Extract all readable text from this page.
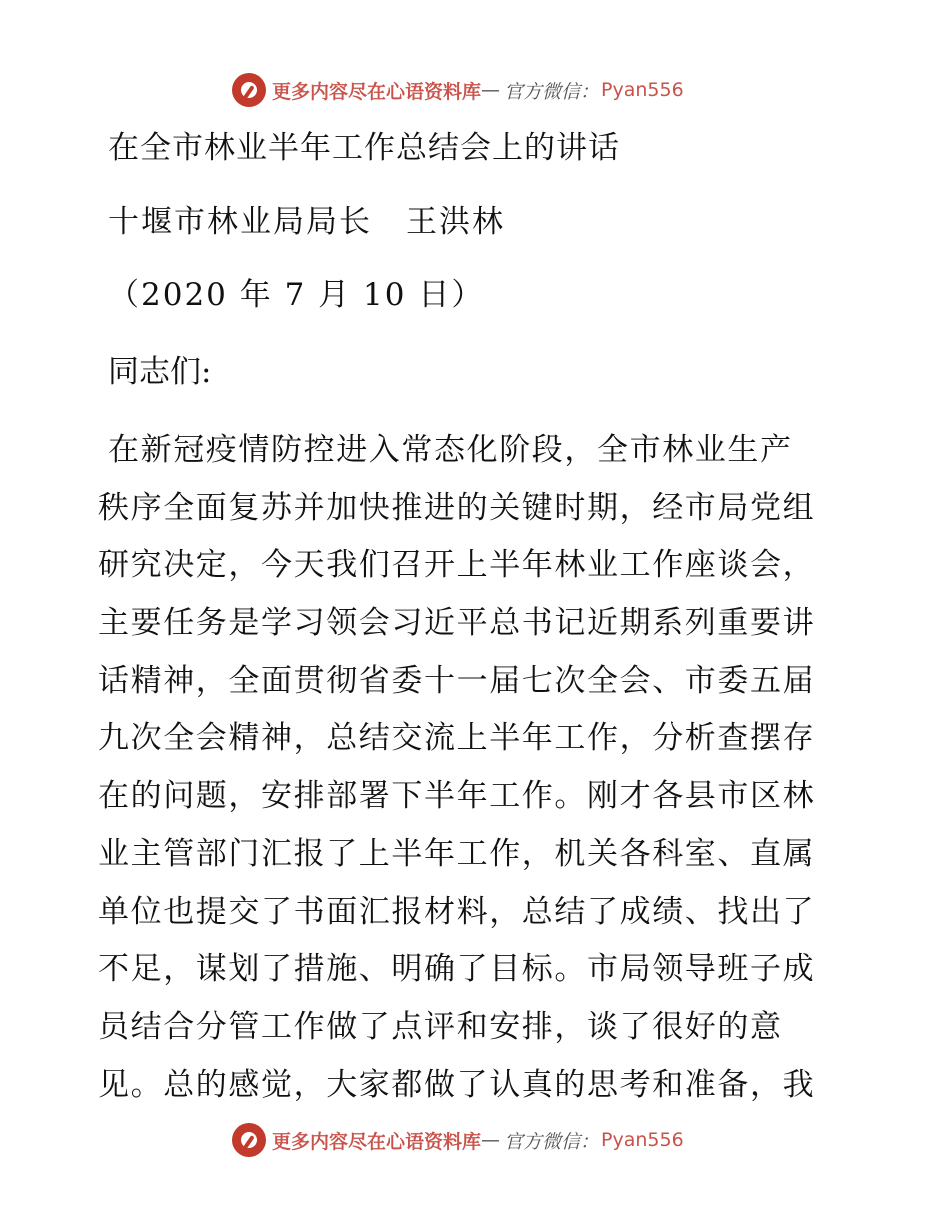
更多内容尽在心语资料库 — 官方微信： Pyan556
在全市林业半年工作总结会上的讲话
十堰市林业局局长 王洪林
（2020 年 7 月 10 日）
同志们:
在新冠疫情防控进入常态化阶段，全市林业生产
秩序全面复苏并加快推进的关键时期，经市局党组
研究决定，今天我们召开上半年林业工作座谈会，
主要任务是学习领会习近平总书记近期系列重要讲
话精神，全面贯彻省委十一届七次全会、市委五届
九次全会精神，总结交流上半年工作，分析查摆存
在的问题，安排部署下半年工作。刚才各县市区林
业主管部门汇报了上半年工作，机关各科室、直属
单位也提交了书面汇报材料，总结了成绩、找出了
不足，谋划了措施、明确了目标。市局领导班子成
员结合分管工作做了点评和安排，谈了很好的意
见。总的感觉，大家都做了认真的思考和准备，我
更多内容尽在心语资料库 — 官方微信： Pyan556
